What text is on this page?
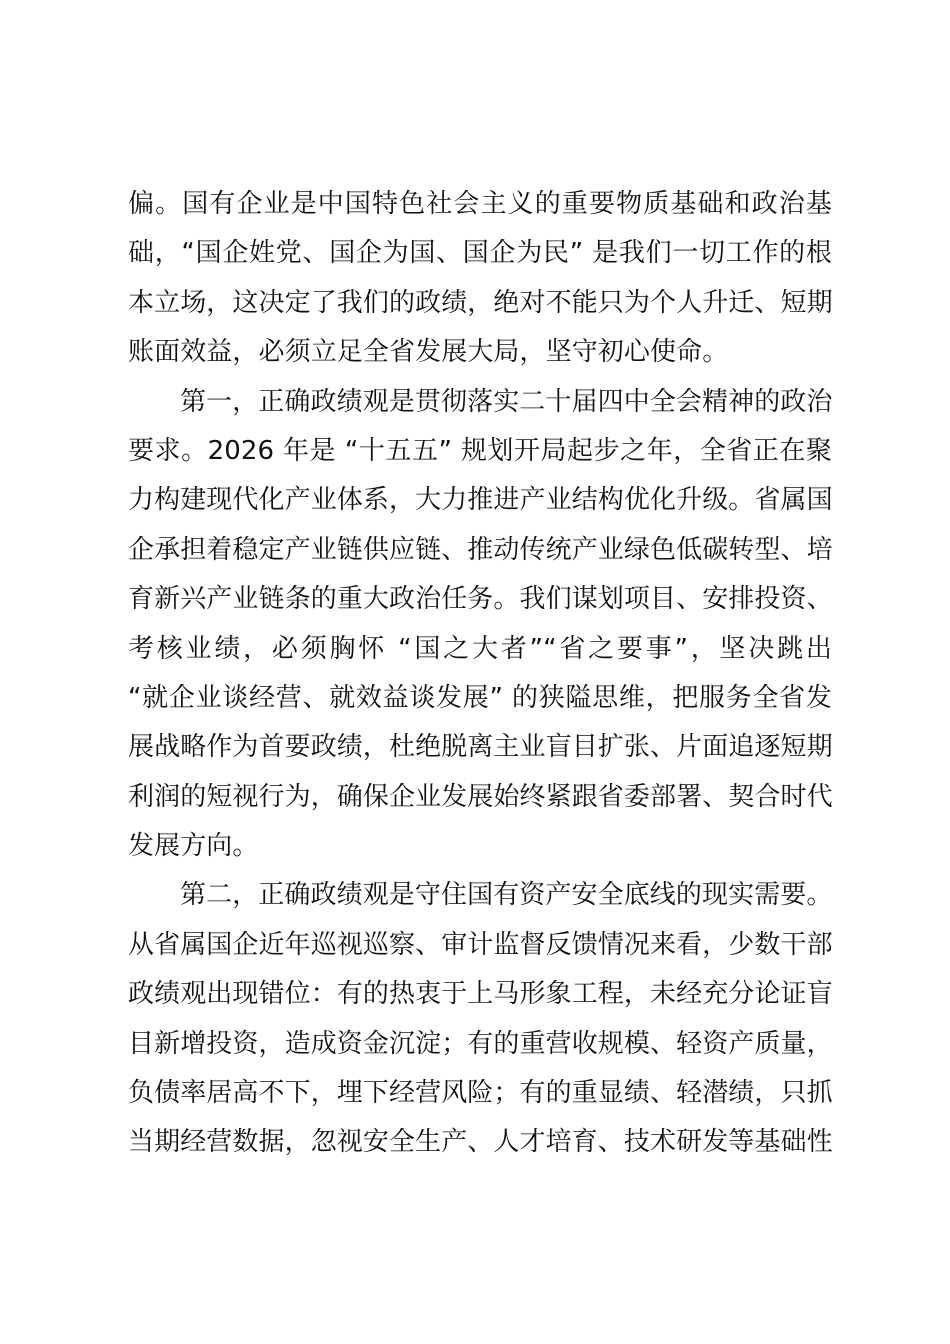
偏。国有企业是中国特色社会主义的重要物质基础和政治基
础，“国企姓党、国企为国、国企为民” 是我们一切工作的根
本立场，这决定了我们的政绩，绝对不能只为个人升迁、短期
账面效益，必须立足全省发展大局，坚守初心使命。
第一，正确政绩观是贯彻落实二十届四中全会精神的政治
要求。2026 年是 “十五五” 规划开局起步之年，全省正在聚
力构建现代化产业体系，大力推进产业结构优化升级。省属国
企承担着稳定产业链供应链、推动传统产业绿色低碳转型、培
育新兴产业链条的重大政治任务。我们谋划项目、安排投资、
考核业绩，必须胸怀 “国之大者”“省之要事”，坚决跳出
“就企业谈经营、就效益谈发展” 的狭隘思维，把服务全省发
展战略作为首要政绩，杜绝脱离主业盲目扩张、片面追逐短期
利润的短视行为，确保企业发展始终紧跟省委部署、契合时代
发展方向。
第二，正确政绩观是守住国有资产安全底线的现实需要。
从省属国企近年巡视巡察、审计监督反馈情况来看，少数干部
政绩观出现错位：有的热衷于上马形象工程，未经充分论证盲
目新增投资，造成资金沉淀；有的重营收规模、轻资产质量，
负债率居高不下，埋下经营风险；有的重显绩、轻潜绩，只抓
当期经营数据，忽视安全生产、人才培育、技术研发等基础性
